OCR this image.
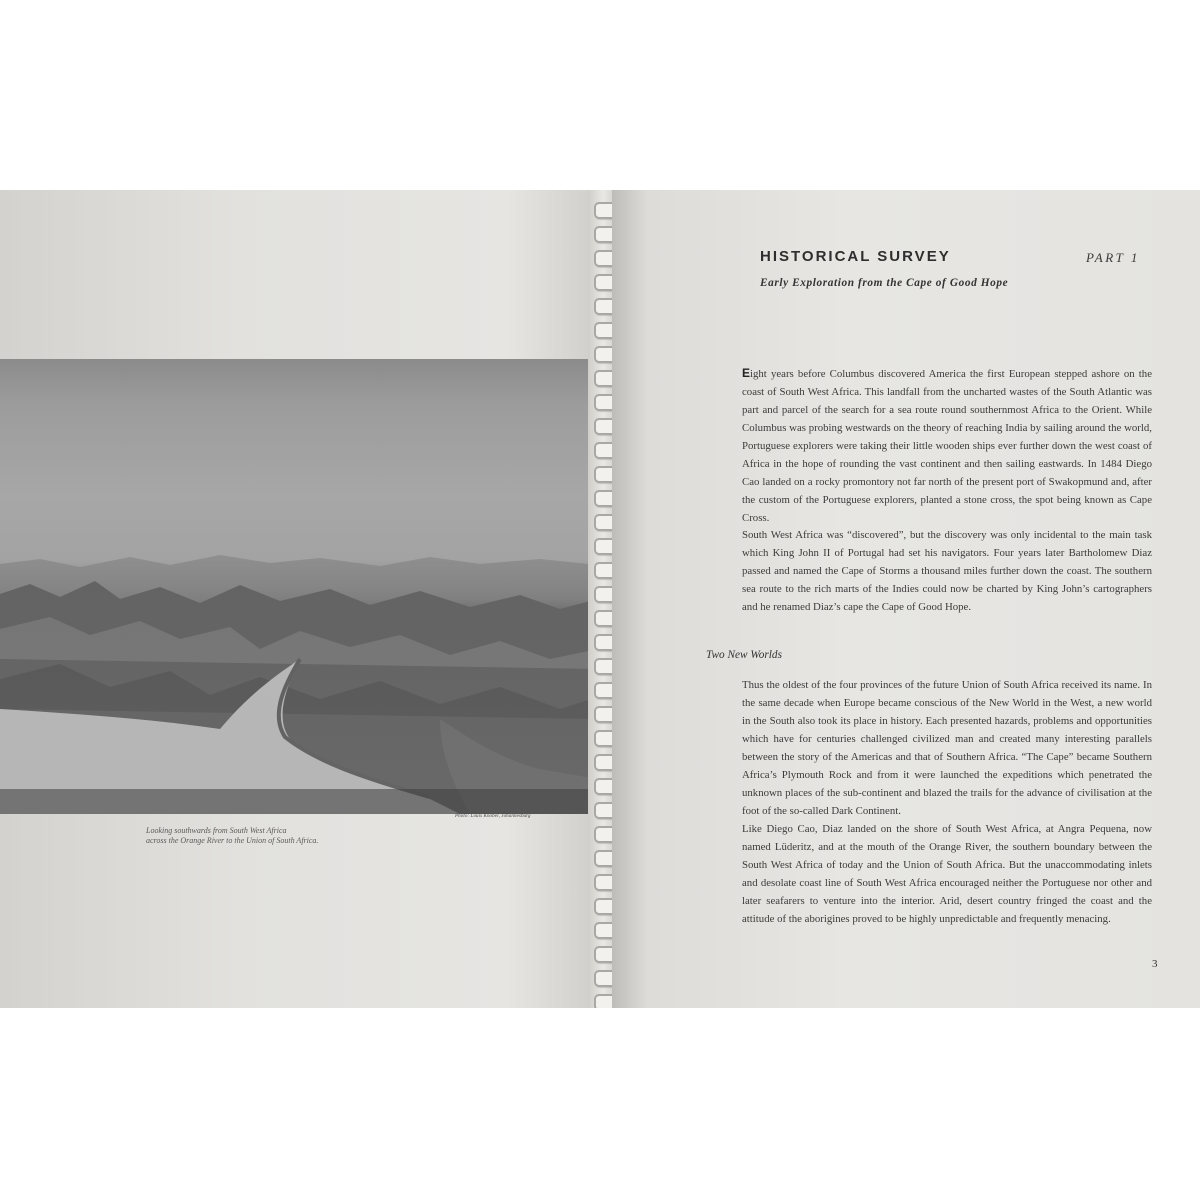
Photo: Louis Knobel, Johannesburg
Looking southwards from South West Africa
across the Orange River to the Union of South Africa.
HISTORICAL SURVEY	PART 1
Early Exploration from the Cape of Good Hope

Eight years before Columbus discovered America the first European stepped ashore on the coast of South West Africa. This landfall from the uncharted wastes of the South Atlantic was part and parcel of the search for a sea route round southernmost Africa to the Orient. While Columbus was probing westwards on the theory of reaching India by sailing around the world, Portuguese explorers were taking their little wooden ships ever further down the west coast of Africa in the hope of rounding the vast continent and then sailing eastwards. In 1484 Diego Cao landed on a rocky promontory not far north of the present port of Swakopmund and, after the custom of the Portuguese explorers, planted a stone cross, the spot being known as Cape Cross.

South West Africa was “discovered”, but the discovery was only incidental to the main task which King John II of Portugal had set his navigators. Four years later Bartholomew Diaz passed and named the Cape of Storms a thousand miles further down the coast. The southern sea route to the rich marts of the Indies could now be charted by King John’s cartographers and he renamed Diaz’s cape the Cape of Good Hope.

Two New Worlds

Thus the oldest of the four provinces of the future Union of South Africa received its name. In the same decade when Europe became conscious of the New World in the West, a new world in the South also took its place in history. Each presented hazards, problems and opportunities which have for centuries challenged civilized man and created many interesting parallels between the story of the Americas and that of Southern Africa. “The Cape” became Southern Africa’s Plymouth Rock and from it were launched the expeditions which penetrated the unknown places of the sub-continent and blazed the trails for the advance of civilisation at the foot of the so-called Dark Continent.

Like Diego Cao, Diaz landed on the shore of South West Africa, at Angra Pequena, now named Lüderitz, and at the mouth of the Orange River, the southern boundary between the South West Africa of today and the Union of South Africa. But the unaccommodating inlets and desolate coast line of South West Africa encouraged neither the Portuguese nor other and later seafarers to venture into the interior. Arid, desert country fringed the coast and the attitude of the aborigines proved to be highly unpredictable and frequently menacing.

3
